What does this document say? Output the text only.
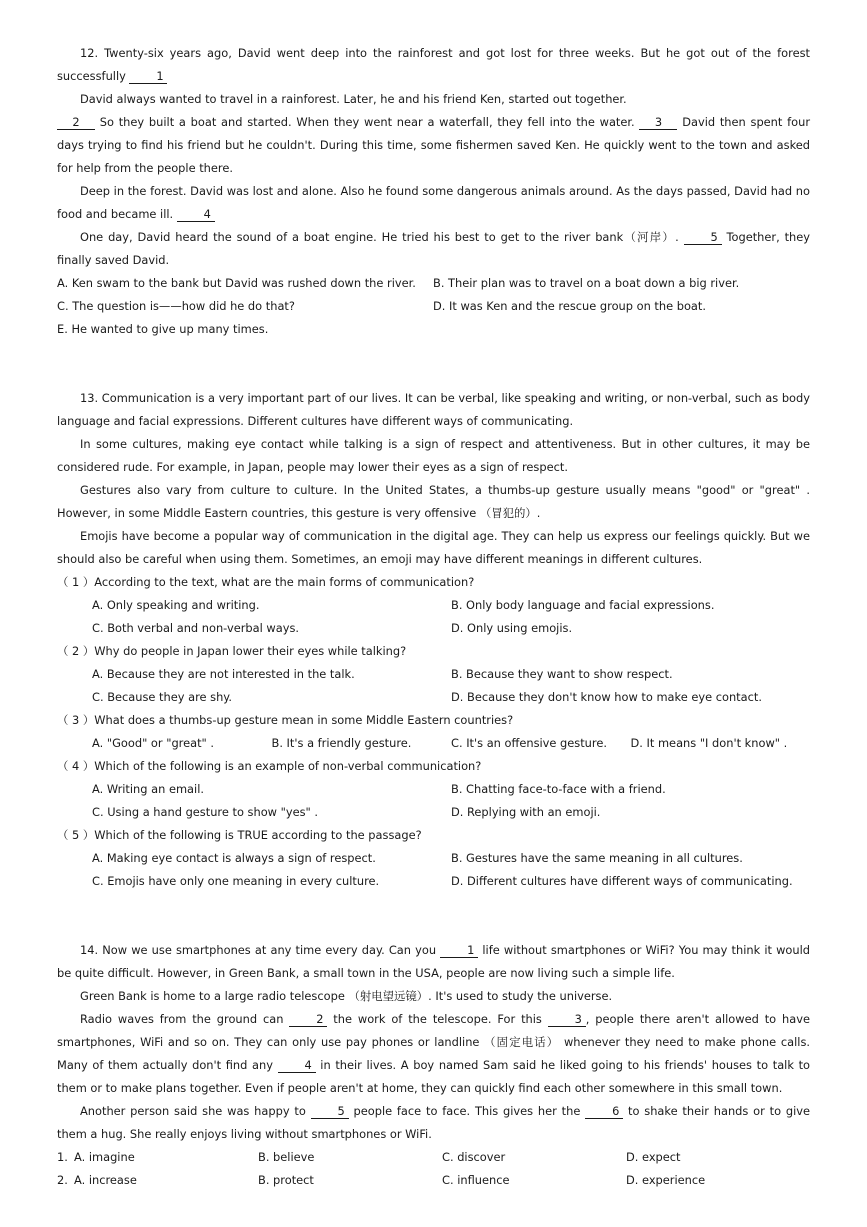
12. Twenty-six years ago, David went deep into the rainforest and got lost for three weeks. But he got out of the forest successfully	1
David always wanted to travel in a rainforest. Later, he and his friend Ken, started out together.
2 So they built a boat and started. When they went near a waterfall, they fell into the water. 3 David then spent four days trying to find his friend but he couldn't. During this time, some fishermen saved Ken. He quickly went to the town and asked for help from the people there.
Deep in the forest. David was lost and alone. Also he found some dangerous animals around. As the days passed, David had no food and became ill.	4
One day, David heard the sound of a boat engine. He tried his best to get to the river bank（河岸）.	5 Together, they finally saved David.
A. Ken swam to the bank but David was rushed down the river.	B. Their plan was to travel on a boat down a big river.
C. The question is——how did he do that?	D. It was Ken and the rescue group on the boat.
E. He wanted to give up many times.
13. Communication is a very important part of our lives. It can be verbal, like speaking and writing, or non-verbal, such as body language and facial expressions. Different cultures have different ways of communicating.
In some cultures, making eye contact while talking is a sign of respect and attentiveness. But in other cultures, it may be considered rude. For example, in Japan, people may lower their eyes as a sign of respect.
Gestures also vary from culture to culture. In the United States, a thumbs-up gesture usually means "good" or "great" . However, in some Middle Eastern countries, this gesture is very offensive （冒犯的）.
Emojis have become a popular way of communication in the digital age. They can help us express our feelings quickly. But we should also be careful when using them. Sometimes, an emoji may have different meanings in different cultures.
（ 1 ）According to the text, what are the main forms of communication?
A. Only speaking and writing.	B. Only body language and facial expressions.
C. Both verbal and non-verbal ways.	D. Only using emojis.
（ 2 ）Why do people in Japan lower their eyes while talking?
A. Because they are not interested in the talk.	B. Because they want to show respect.
C. Because they are shy.	D. Because they don't know how to make eye contact.
（ 3 ）What does a thumbs-up gesture mean in some Middle Eastern countries?
A. "Good" or "great" .	B. It's a friendly gesture.	C. It's an offensive gesture.	D. It means "I don't know" .
（ 4 ）Which of the following is an example of non-verbal communication?
A. Writing an email.	B. Chatting face-to-face with a friend.
C. Using a hand gesture to show "yes" .	D. Replying with an emoji.
（ 5 ）Which of the following is TRUE according to the passage?
A. Making eye contact is always a sign of respect.	B. Gestures have the same meaning in all cultures.
C. Emojis have only one meaning in every culture.	D. Different cultures have different ways of communicating.
14. Now we use smartphones at any time every day. Can you	1 life without smartphones or WiFi? You may think it would be quite difficult. However, in Green Bank, a small town in the USA, people are now living such a simple life.
Green Bank is home to a large radio telescope （射电望远镜）. It's used to study the universe.
Radio waves from the ground can	2 the work of the telescope. For this	3 , people there aren't allowed to have smartphones, WiFi and so on. They can only use pay phones or landline （固定电话） whenever they need to make phone calls. Many of them actually don't find any	4 in their lives. A boy named Sam said he liked going to his friends' houses to talk to them or to make plans together. Even if people aren't at home, they can quickly find each other somewhere in this small town.
Another person said she was happy to	5 people face to face. This gives her the	6 to shake their hands or to give them a hug. She really enjoys living without smartphones or WiFi.
1. A. imagine	B. believe	C. discover	D. expect
2. A. increase	B. protect	C. influence	D. experience
